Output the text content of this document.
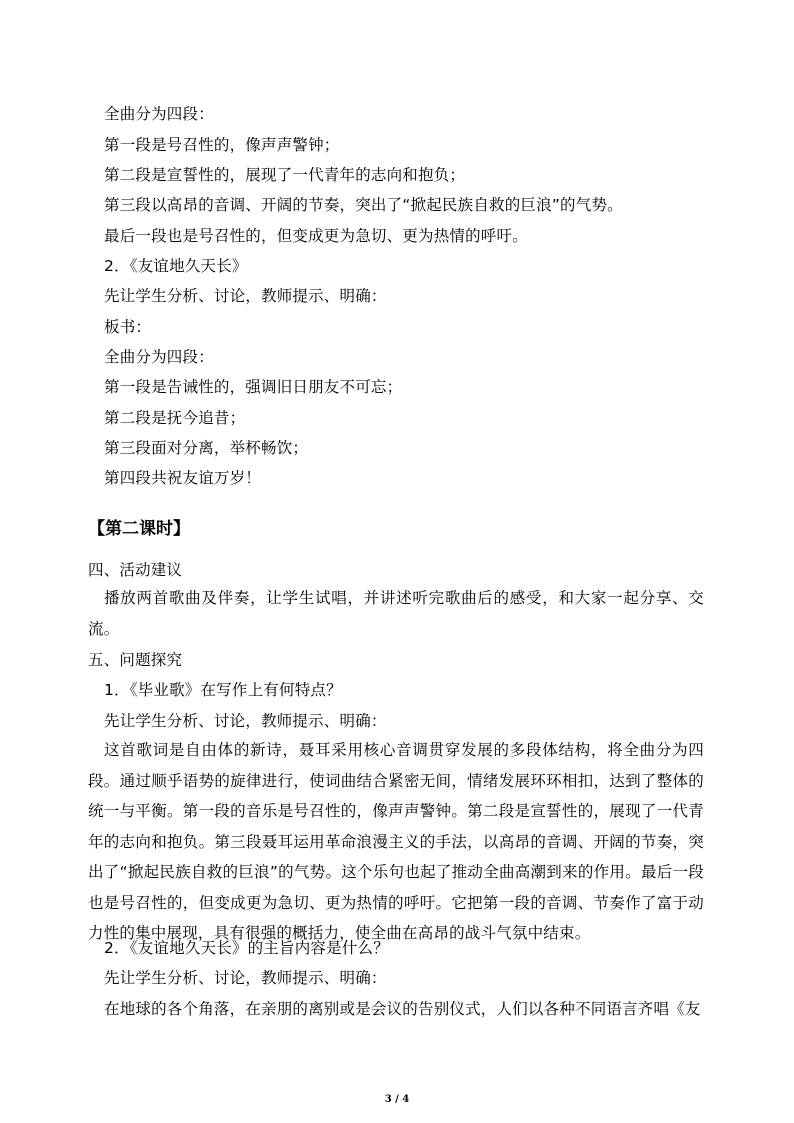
全曲分为四段：
第一段是号召性的，像声声警钟；
第二段是宣誓性的，展现了一代青年的志向和抱负；
第三段以高昂的音调、开阔的节奏，突出了“掀起民族自救的巨浪”的气势。
最后一段也是号召性的，但变成更为急切、更为热情的呼吁。
2．《友谊地久天长》
先让学生分析、讨论，教师提示、明确：
板书：
全曲分为四段：
第一段是告诫性的，强调旧日朋友不可忘；
第二段是抚今追昔；
第三段面对分离，举杯畅饮；
第四段共祝友谊万岁！
【第二课时】
四、活动建议
播放两首歌曲及伴奏，让学生试唱，并讲述听完歌曲后的感受，和大家一起分享、交流。
五、问题探究
1．《毕业歌》在写作上有何特点？
先让学生分析、讨论，教师提示、明确：
这首歌词是自由体的新诗，聂耳采用核心音调贯穿发展的多段体结构，将全曲分为四段。通过顺乎语势的旋律进行，使词曲结合紧密无间，情绪发展环环相扣，达到了整体的统一与平衡。第一段的音乐是号召性的，像声声警钟。第二段是宣誓性的，展现了一代青年的志向和抱负。第三段聂耳运用革命浪漫主义的手法，以高昂的音调、开阔的节奏，突出了“掀起民族自救的巨浪”的气势。这个乐句也起了推动全曲高潮到来的作用。最后一段也是号召性的，但变成更为急切、更为热情的呼吁。它把第一段的音调、节奏作了富于动力性的集中展现，具有很强的概括力，使全曲在高昂的战斗气氛中结束。
2．《友谊地久天长》的主旨内容是什么？
先让学生分析、讨论，教师提示、明确：
在地球的各个角落，在亲朋的离别或是会议的告别仪式，人们以各种不同语言齐唱《友
3 / 4
